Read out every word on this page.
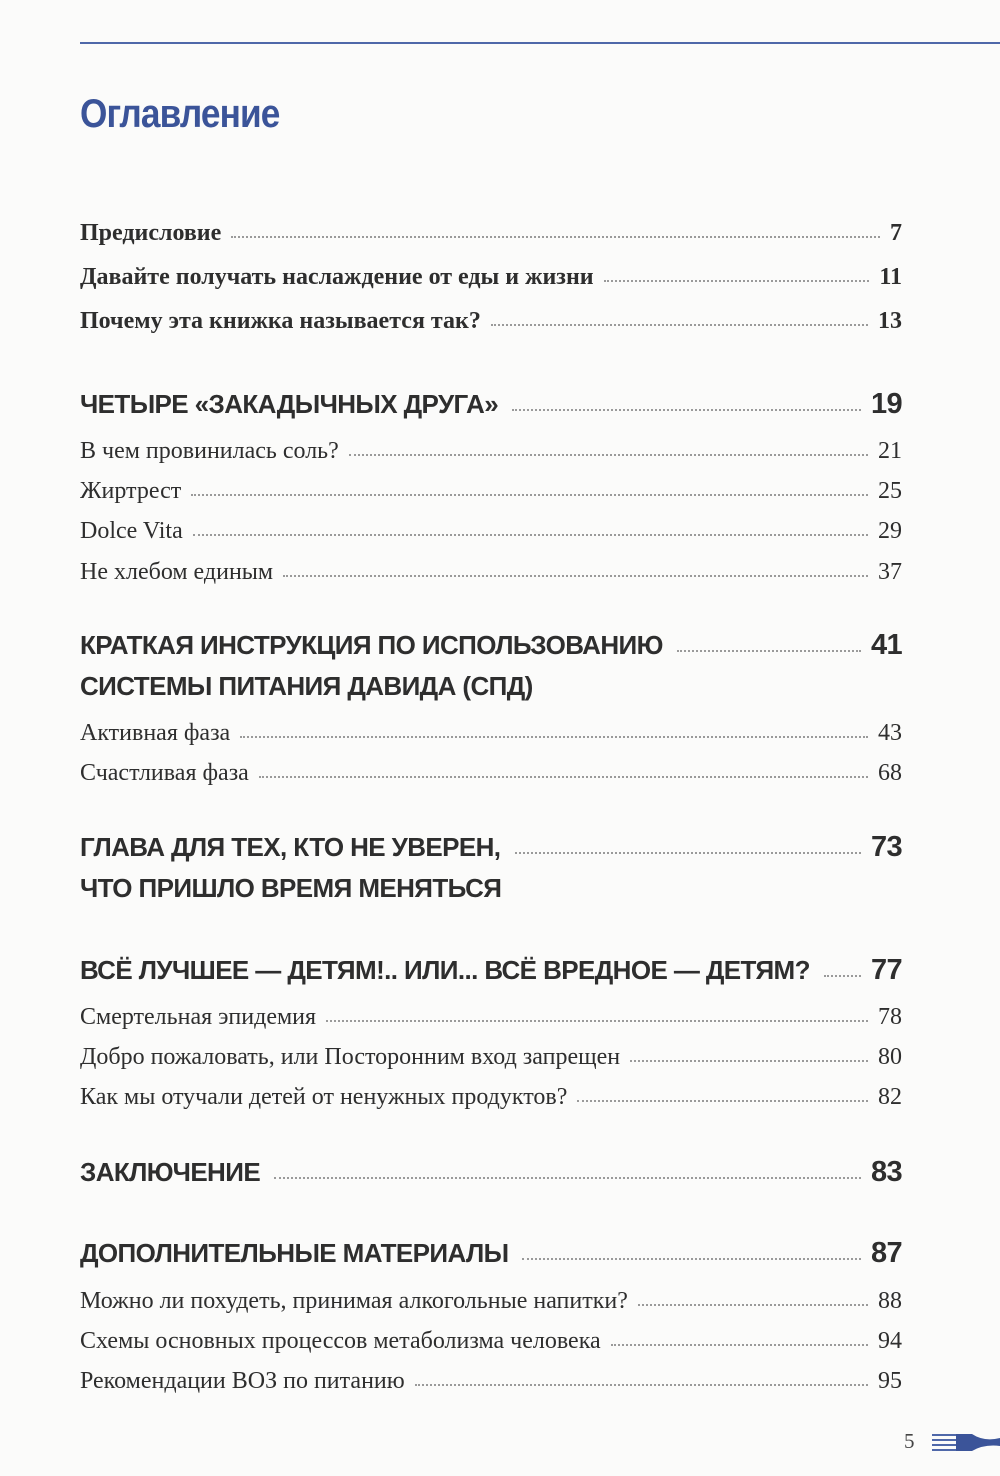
Оглавление
Предисловие	7
Давайте получать наслаждение от еды и жизни	11
Почему эта книжка называется так?	13
ЧЕТЫРЕ «ЗАКАДЫЧНЫХ ДРУГА»	19
В чем провинилась соль?	21
Жиртрест	25
Dolce Vita	29
Не хлебом единым	37
КРАТКАЯ ИНСТРУКЦИЯ ПО ИСПОЛЬЗОВАНИЮ
СИСТЕМЫ ПИТАНИЯ ДАВИДА (СПД)
41
Активная фаза	43
Счастливая фаза	68
ГЛАВА ДЛЯ ТЕХ, КТО НЕ УВЕРЕН,
ЧТО ПРИШЛО ВРЕМЯ МЕНЯТЬСЯ
73
ВСЁ ЛУЧШЕЕ — ДЕТЯМ!.. ИЛИ... ВСЁ ВРЕДНОЕ — ДЕТЯМ? 77
Смертельная эпидемия	78
Добро пожаловать, или Посторонним вход запрещен	80
Как мы отучали детей от ненужных продуктов?	82
ЗАКЛЮЧЕНИЕ	83
ДОПОЛНИТЕЛЬНЫЕ МАТЕРИАЛЫ	87
Можно ли похудеть, принимая алкогольные напитки?	88
Схемы основных процессов метаболизма человека	94
Рекомендации ВОЗ по питанию	95
5
